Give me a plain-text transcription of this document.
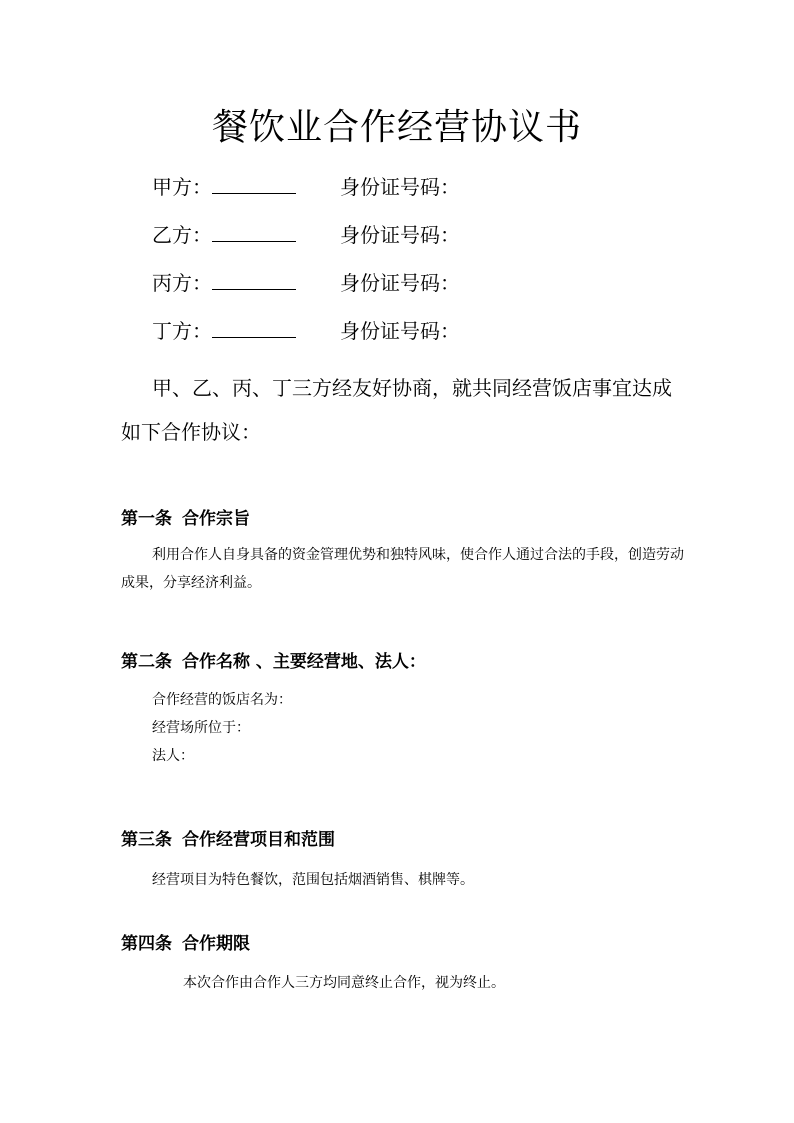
餐饮业合作经营协议书
甲方：	身份证号码：
乙方：	身份证号码：
丙方：	身份证号码：
丁方：	身份证号码：
甲、乙、丙、丁三方经友好协商，就共同经营饭店事宜达成如下合作协议：
第一条 合作宗旨
利用合作人自身具备的资金管理优势和独特风味，使合作人通过合法的手段，创造劳动成果，分享经济利益。
第二条 合作名称 、主要经营地、法人：
合作经营的饭店名为：
经营场所位于：
法人：
第三条 合作经营项目和范围
经营项目为特色餐饮，范围包括烟酒销售、棋牌等。
第四条 合作期限
本次合作由合作人三方均同意终止合作，视为终止。
